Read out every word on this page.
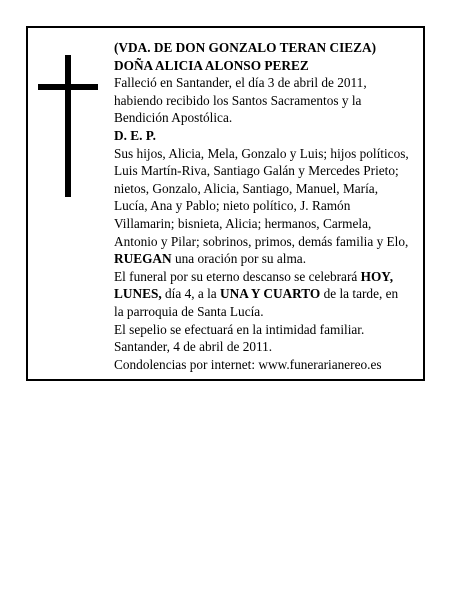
(VDA. DE DON GONZALO TERAN CIEZA)
DOÑA ALICIA ALONSO PEREZ
Falleció en Santander, el día 3 de abril de 2011,
habiendo recibido los Santos Sacramentos y la
Bendición Apostólica.
D. E. P.
Sus hijos, Alicia, Mela, Gonzalo y Luis; hijos políticos,
Luis Martín-Riva, Santiago Galán y Mercedes Prieto;
nietos, Gonzalo, Alicia, Santiago, Manuel, María,
Lucía, Ana y Pablo; nieto político, J. Ramón
Villamarin; bisnieta, Alicia; hermanos, Carmela,
Antonio y Pilar; sobrinos, primos, demás familia y Elo,
RUEGAN una oración por su alma.
El funeral por su eterno descanso se celebrará HOY,
LUNES, día 4, a la UNA Y CUARTO de la tarde, en
la parroquia de Santa Lucía.
El sepelio se efectuará en la intimidad familiar.
Santander, 4 de abril de 2011.
Condolencias por internet: www.funerarianereo.es
